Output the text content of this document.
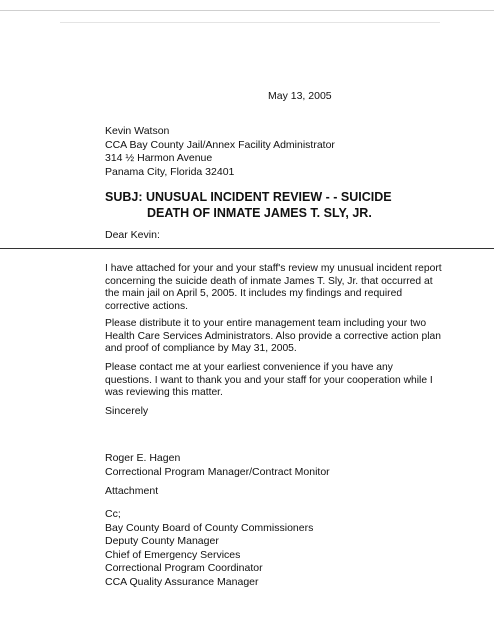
May 13, 2005
Kevin Watson
CCA Bay County Jail/Annex Facility Administrator
314 ½ Harmon Avenue
Panama City, Florida 32401
SUBJ: UNUSUAL INCIDENT REVIEW - - SUICIDE
DEATH OF INMATE JAMES T. SLY, JR.
Dear Kevin:
I have attached for your and your staff's review my unusual incident report
concerning the suicide death of inmate James T. Sly, Jr. that occurred at
the main jail on April 5, 2005. It includes my findings and required
corrective actions.
Please distribute it to your entire management team including your two
Health Care Services Administrators. Also provide a corrective action plan
and proof of compliance by May 31, 2005.
Please contact me at your earliest convenience if you have any
questions. I want to thank you and your staff for your cooperation while I
was reviewing this matter.
Sincerely
Roger E. Hagen
Correctional Program Manager/Contract Monitor
Attachment
Cc;
Bay County Board of County Commissioners
Deputy County Manager
Chief of Emergency Services
Correctional Program Coordinator
CCA Quality Assurance Manager
